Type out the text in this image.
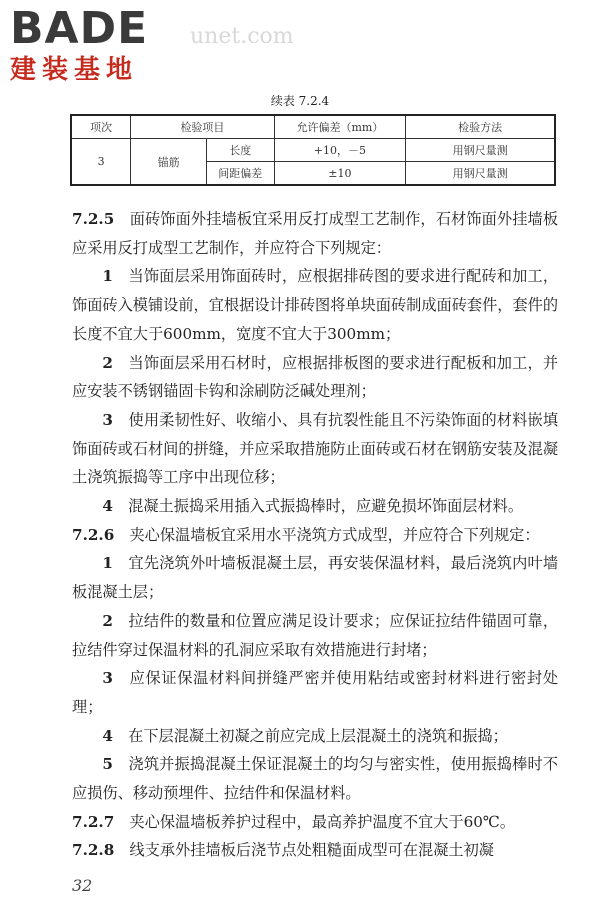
BADE
建装基地
unet.com
续表 7.2.4
项次	检验项目		允许偏差（mm）	检验方法
3	锚筋	长度	+10，－5	用钢尺量测
		间距偏差	±10	用钢尺量测

7.2.5　 面砖饰面外挂墙板宜采用反打成型工艺制作，石材饰面外挂墙板应采用反打成型工艺制作，并应符合下列规定：

1　 当饰面层采用饰面砖时，应根据排砖图的要求进行配砖和加工，饰面砖入模铺设前，宜根据设计排砖图将单块面砖制成面砖套件，套件的长度不宜大于600mm，宽度不宜大于300mm；

2　 当饰面层采用石材时，应根据排板图的要求进行配板和加工，并应安装不锈钢锚固卡钩和涂刷防泛碱处理剂；

3　 使用柔韧性好、收缩小、具有抗裂性能且不污染饰面的材料嵌填饰面砖或石材间的拼缝，并应采取措施防止面砖或石材在钢筋安装及混凝土浇筑振捣等工序中出现位移；

4　 混凝土振捣采用插入式振捣棒时，应避免损坏饰面层材料。

7.2.6　 夹心保温墙板宜采用水平浇筑方式成型，并应符合下列规定：

1　 宜先浇筑外叶墙板混凝土层，再安装保温材料，最后浇筑内叶墙板混凝土层；

2　 拉结件的数量和位置应满足设计要求；应保证拉结件锚固可靠，拉结件穿过保温材料的孔洞应采取有效措施进行封堵；

3　 应保证保温材料间拼缝严密并使用粘结或密封材料进行密封处理；

4　 在下层混凝土初凝之前应完成上层混凝土的浇筑和振捣；

5　 浇筑并振捣混凝土保证混凝土的均匀与密实性，使用振捣棒时不应损伤、移动预埋件、拉结件和保温材料。

7.2.7　 夹心保温墙板养护过程中，最高养护温度不宜大于60℃。

7.2.8　 线支承外挂墙板后浇节点处粗糙面成型可在混凝土初凝

32
